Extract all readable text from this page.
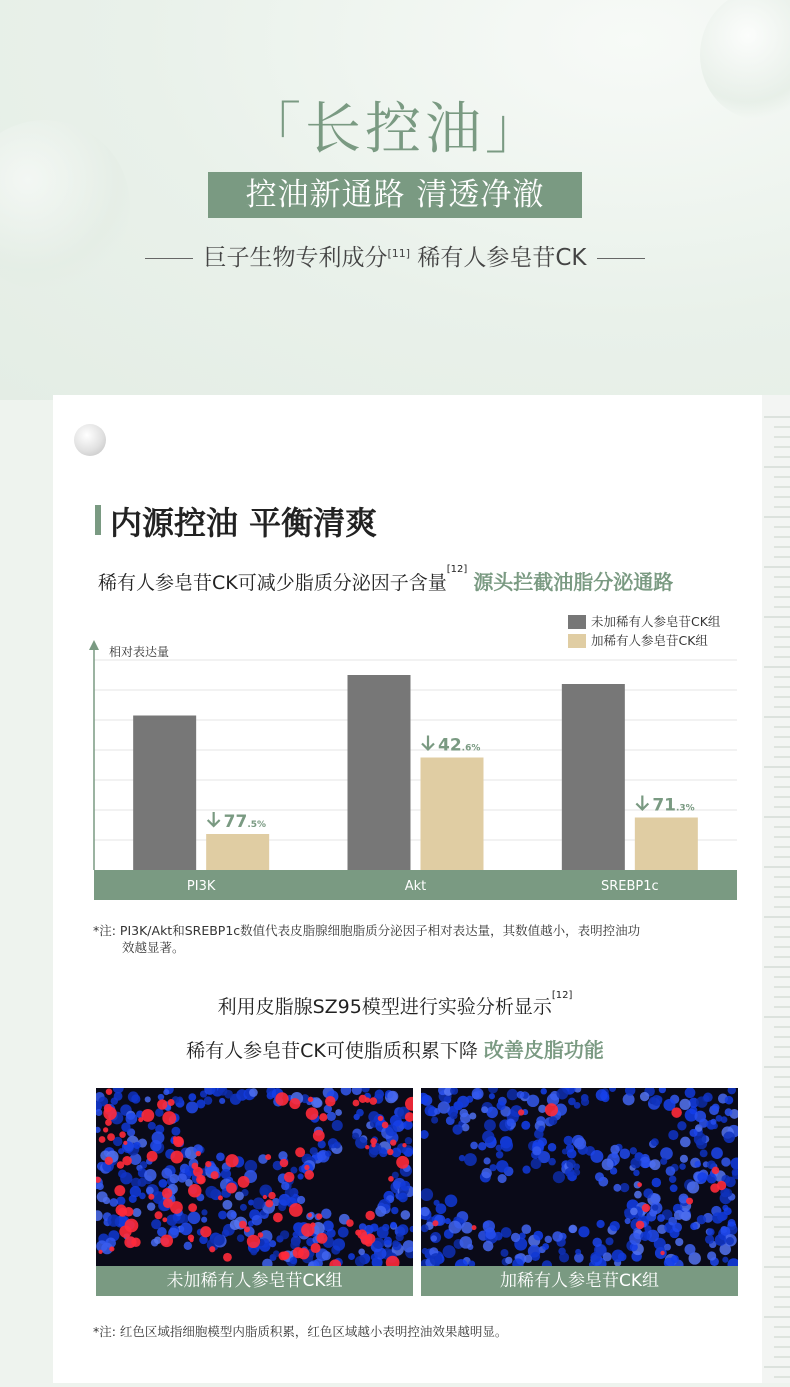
「长控油」
控油新通路 清透净澈
巨子生物专利成分[11] 稀有人参皂苷CK
内源控油 平衡清爽
稀有人参皂苷CK可减少脂质分泌因子含量[12] 源头拦截油脂分泌通路
相对表达量
未加稀有人参皂苷CK组
加稀有人参皂苷CK组
PI3K
77.5%
Akt
42.6%
SREBP1c
71.3%
*注: PI3K/Akt和SREBP1c数值代表皮脂腺细胞脂质分泌因子相对表达量，其数值越小，表明控油功
效越显著。
利用皮脂腺SZ95模型进行实验分析显示[12]
稀有人参皂苷CK可使脂质积累下降 改善皮脂功能
未加稀有人参皂苷CK组	加稀有人参皂苷CK组
*注: 红色区域指细胞模型内脂质积累，红色区域越小表明控油效果越明显。
